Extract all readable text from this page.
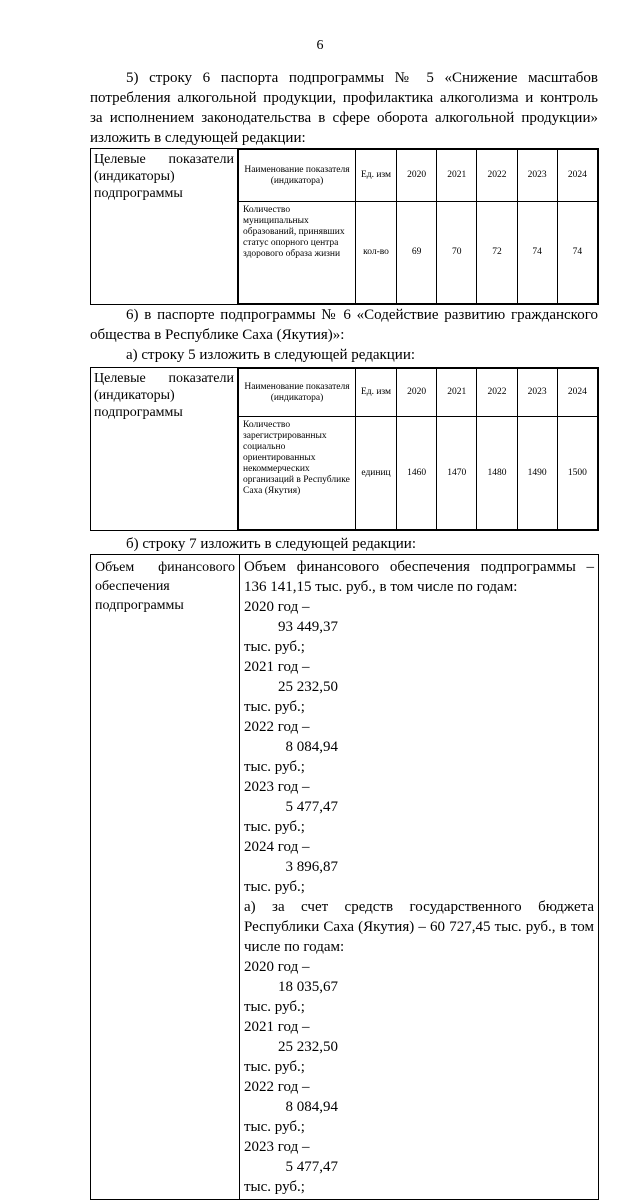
6
5) строку 6 паспорта подпрограммы № 5 «Снижение масштабов
потребления алкогольной продукции, профилактика алкоголизма и контроль
за исполнением законодательства в сфере оборота алкогольной продукции»
изложить в следующей редакции:
Целевые показатели
(индикаторы)
подпрограммы

Наименование показателя (индикатора)	Ед. изм	2020	2021	2022	2023	2024
Количество муниципальных образований, принявших статус опорного центра здорового образа жизни	кол-во	69	70	72	74	74
6) в паспорте подпрограммы № 6 «Содействие развитию гражданского
общества в Республике Саха (Якутия)»:
а) строку 5 изложить в следующей редакции:
Целевые показатели
(индикаторы)
подпрограммы

Наименование показателя (индикатора)	Ед. изм	2020	2021	2022	2023	2024
Количество зарегистрированных социально ориентированных некоммерческих организаций в Республике Саха (Якутия)	единиц	1460	1470	1480	1490	1500
б) строку 7 изложить в следующей редакции:
Объем финансового
обеспечения
подпрограммы

Объем финансового обеспечения подпрограммы –
136 141,15 тыс. руб., в том числе по годам:
2020 год –
93 449,37
тыс. руб.;
2021 год –
25 232,50
тыс. руб.;
2022 год –
8 084,94
тыс. руб.;
2023 год –
5 477,47
тыс. руб.;
2024 год –
3 896,87
тыс. руб.;
а) за счет средств государственного бюджета
Республики Саха (Якутия) – 60 727,45 тыс. руб., в том
числе по годам:
2020 год –
18 035,67
тыс. руб.;
2021 год –
25 232,50
тыс. руб.;
2022 год –
8 084,94
тыс. руб.;
2023 год –
5 477,47
тыс. руб.;
